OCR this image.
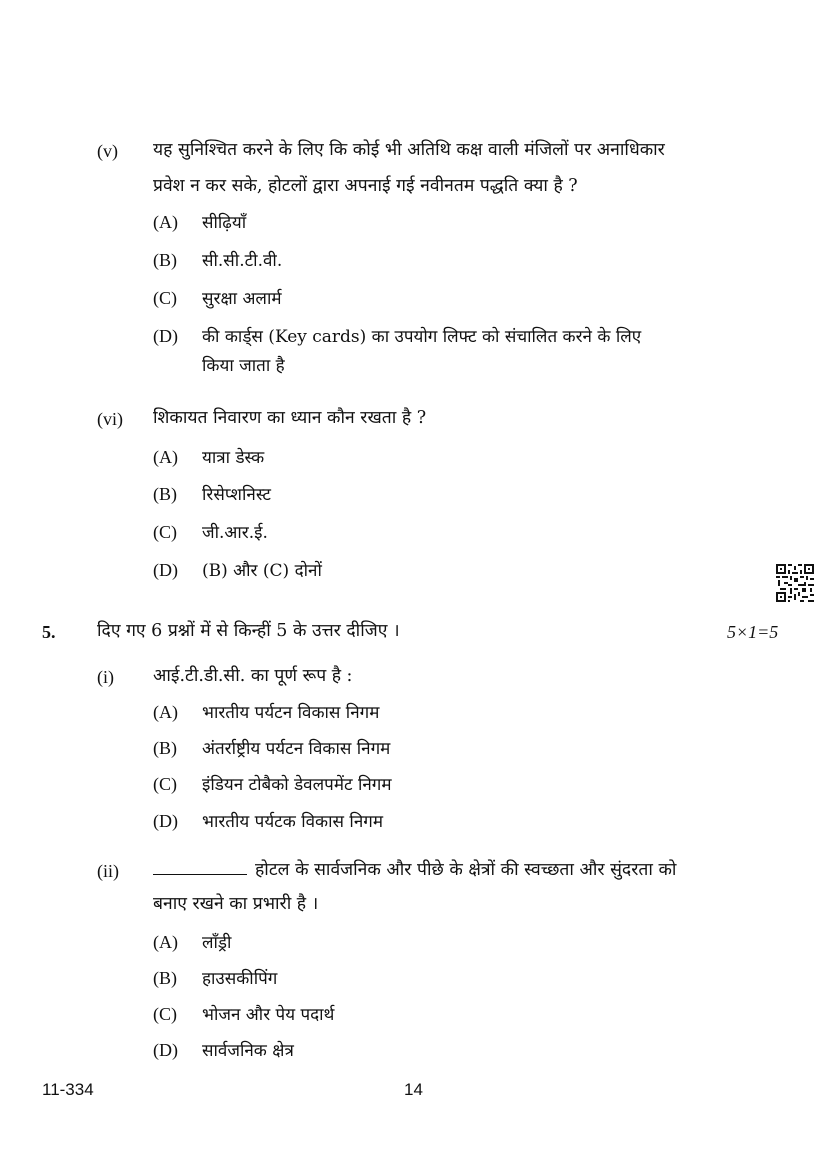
(v) यह सुनिश्चित करने के लिए कि कोई भी अतिथि कक्ष वाली मंजिलों पर अनाधिकार
प्रवेश न कर सके, होटलों द्वारा अपनाई गई नवीनतम पद्धति क्या है ?
(A) सीढ़ियाँ
(B) सी.सी.टी.वी.
(C) सुरक्षा अलार्म
(D) की कार्ड्स (Key cards) का उपयोग लिफ्ट को संचालित करने के लिए
किया जाता है
(vi) शिकायत निवारण का ध्यान कौन रखता है ?
(A) यात्रा डेस्क
(B) रिसेप्शनिस्ट
(C) जी.आर.ई.
(D) (B) और (C) दोनों
5. दिए गए 6 प्रश्नों में से किन्हीं 5 के उत्तर दीजिए ।	5×1=5
(i) आई.टी.डी.सी. का पूर्ण रूप है :
(A) भारतीय पर्यटन विकास निगम
(B) अंतर्राष्ट्रीय पर्यटन विकास निगम
(C) इंडियन टोबैको डेवलपमेंट निगम
(D) भारतीय पर्यटक विकास निगम
(ii)	होटल के सार्वजनिक और पीछे के क्षेत्रों की स्वच्छता और सुंदरता को
बनाए रखने का प्रभारी है ।
(A) लाँड्री
(B) हाउसकीपिंग
(C) भोजन और पेय पदार्थ
(D) सार्वजनिक क्षेत्र
11-334	14
